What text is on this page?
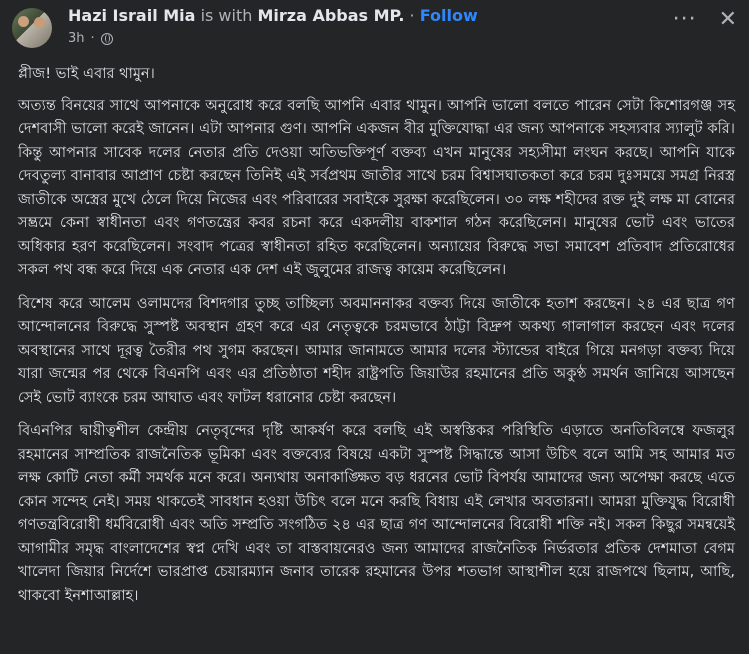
Hazi Israil Mia is with Mirza Abbas MP. · Follow
3h ·
··· ✕

প্লীজ! ভাই এবার থামুন।

অত্যন্ত বিনয়ের সাথে আপনাকে অনুরোধ করে বলছি আপনি এবার থামুন। আপনি ভালো বলতে পারেন সেটা কিশোরগঞ্জ সহ দেশবাসী ভালো করেই জানেন। এটা আপনার গুণ। আপনি একজন বীর মুক্তিযোদ্ধা এর জন্য আপনাকে সহস্যবার স্যালুট করি। কিন্তু আপনার সাবেক দলের নেতার প্রতি দেওয়া অতিভক্তিপূর্ণ বক্তব্য এখন মানুষের সহ্যসীমা লংঘন করছে। আপনি যাকে দেবতুল্য বানাবার আপ্রাণ চেষ্টা করছেন তিনিই এই সর্বপ্রথম জাতীর সাথে চরম বিশ্বাসঘাতকতা করে চরম দুঃসময়ে সমগ্র নিরস্ত্র জাতীকে অস্ত্রের মুখে ঠেলে দিয়ে নিজের এবং পরিবারের সবাইকে সুরক্ষা করেছিলেন। ৩০ লক্ষ শহীদের রক্ত দুই লক্ষ মা বোনের সম্ভ্রমে কেনা স্বাধীনতা এবং গণতন্ত্রের কবর রচনা করে একদলীয় বাকশাল গঠন করেছিলেন। মানুষের ভোট এবং ভাতের অধিকার হরণ করেছিলেন। সংবাদ পত্রের স্বাধীনতা রহিত করেছিলেন। অন্যায়ের বিরুদ্ধে সভা সমাবেশ প্রতিবাদ প্রতিরোধের সকল পথ বন্ধ করে দিয়ে এক নেতার এক দেশ এই জুলুমের রাজত্ব কায়েম করেছিলেন।

বিশেষ করে আলেম ওলামদের বিশদগার তুচ্ছ তাচ্ছিল্য অবমাননাকর বক্তব্য দিয়ে জাতীকে হতাশ করছেন। ২৪ এর ছাত্র গণ আন্দোলনের বিরুদ্ধে সুস্পষ্ট অবস্থান গ্রহণ করে এর নেতৃত্বকে চরমভাবে ঠাট্টা বিদ্রুপ অকথ্য গালাগাল করছেন এবং দলের অবস্থানের সাথে দূরত্ব তৈরীর পথ সুগম করছেন। আমার জানামতে আমার দলের স্ট্যান্ডের বাইরে গিয়ে মনগড়া বক্তব্য দিয়ে যারা জন্মের পর থেকে বিএনপি এবং এর প্রতিষ্ঠাতা শহীদ রাষ্ট্রপতি জিয়াউর রহমানের প্রতি অকুণ্ঠ সমর্থন জানিয়ে আসছেন সেই ভোট ব্যাংকে চরম আঘাত এবং ফাটল ধরানোর চেষ্টা করছেন।

বিএনপির দ্বায়ীত্বশীল কেন্দ্রীয় নেতৃবৃন্দের দৃষ্টি আকর্ষণ করে বলছি এই অস্বস্তিকর পরিস্থিতি এড়াতে অনতিবিলম্বে ফজলুর রহমানের সাম্প্রতিক রাজনৈতিক ভূমিকা এবং বক্তব্যের বিষয়ে একটা সুস্পষ্ট সিদ্ধান্তে আসা উচিৎ বলে আমি সহ আমার মত লক্ষ কোটি নেতা কর্মী সমর্থক মনে করে। অন্যথায় অনাকাঙ্ক্ষিত বড় ধরনের ভোট বিপর্যয় আমাদের জন্য অপেক্ষা করছে এতে কোন সন্দেহ নেই। সময় থাকতেই সাবধান হওয়া উচিৎ বলে মনে করছি বিধায় এই লেখার অবতারনা। আমরা মুক্তিযুদ্ধ বিরোধী গণতন্ত্রবিরোধী ধর্মবিরোধী এবং অতি সম্প্রতি সংগঠিত ২৪ এর ছাত্র গণ আন্দোলনের বিরোধী শক্তি নই। সকল কিছুর সমন্বয়েই আগামীর সমৃদ্ধ বাংলাদেশের স্বপ্ন দেখি এবং তা বাস্তবায়নেরও জন্য আমাদের রাজনৈতিক নির্ভরতার প্রতিক দেশমাতা বেগম খালেদা জিয়ার নির্দেশে ভারপ্রাপ্ত চেয়ারম্যান জনাব তারেক রহমানের উপর শতভাগ আস্থাশীল হয়ে রাজপথে ছিলাম, আছি, থাকবো ইনশাআল্লাহ।
